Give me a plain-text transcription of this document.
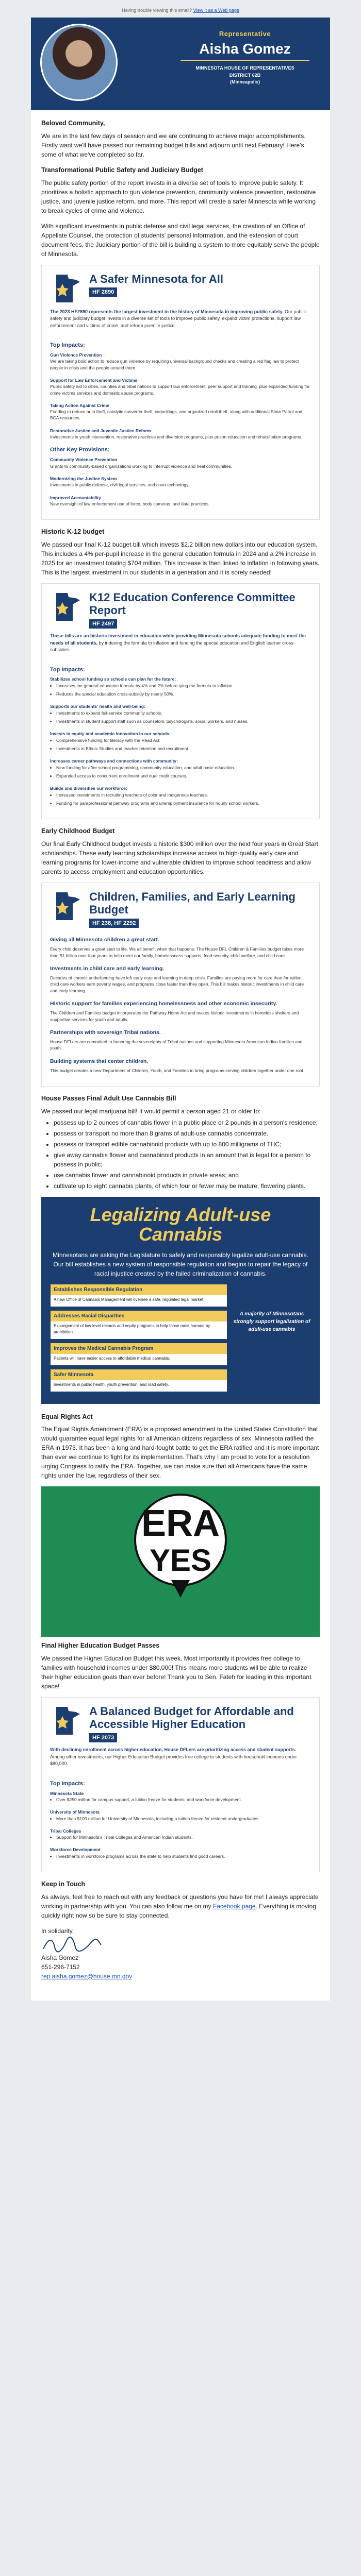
Having trouble viewing this email? View it as a Web page
Representative
Aisha Gomez
MINNESOTA HOUSE OF REPRESENTATIVES
DISTRICT 62B
(Minneapolis)
Beloved Community,

We are in the last few days of session and we are continuing to achieve major accomplishments. Firstly want we'll have passed our remaining budget bills and adjourn until next February! Here's some of what we've completed so far.

Transformational Public Safety and Judiciary Budget

The public safety portion of the report invests in a diverse set of tools to improve public safety. It prioritizes a holistic approach to gun violence prevention, community violence prevention, restorative justice, and juvenile justice reform, and more. This report will create a safer Minnesota while working to break cycles of crime and violence.

With significant investments in public defense and civil legal services, the creation of an Office of Appellate Counsel, the protection of students' personal information, and the extension of court document fees, the Judiciary portion of the bill is building a system to more equitably serve the people of Minnesota.

A Safer Minnesota for All
HF 2890
The 2023 HF2890 represents the largest investment in the history of Minnesota in improving public safety. Our public safety and judiciary budget invests in a diverse set of tools to improve public safety, expand victim protections, support law enforcement and victims of crime, and reform juvenile justice.
Top Impacts:
Gun Violence Prevention
We are taking bold action to reduce gun violence by requiring universal background checks and creating a red flag law to protect people in crisis and the people around them.
Support for Law Enforcement and Victims
Public safety aid to cities, counties and tribal nations to support law enforcement, peer support and training, plus expanded funding for crime victims services and domestic abuse programs.
Taking Action Against Crime
Funding to reduce auto theft, catalytic converter theft, carjackings, and organized retail theft, along with additional State Patrol and BCA resources.
Restorative Justice and Juvenile Justice Reform
Investments in youth intervention, restorative practices and diversion programs, plus prison education and rehabilitation programs.
Other Key Provisions:
Community Violence Prevention
Grants to community-based organizations working to interrupt violence and heal communities.
Modernizing the Justice System
Investments in public defense, civil legal services, and court technology.
Improved Accountability
New oversight of law enforcement use of force, body cameras, and data practices.
Historic K-12 budget

We passed our final K-12 budget bill which invests $2.2 billion new dollars into our education system. This includes a 4% per-pupil increase in the general education formula in 2024 and a 2% increase in 2025 for an investment totaling $704 million. This increase is then linked to inflation in following years. This is the largest investment in our students in a generation and it is sorely needed!

K12 Education Conference Committee Report
HF 2497
These bills are an historic investment in education while providing Minnesota schools adequate funding to meet the needs of all students, by indexing the formula to inflation and funding the special education and English learner cross-subsidies.
Top Impacts:
Stabilizes school funding so schools can plan for the future:
• Increases the general education formula by 4% and 2% before tying the formula to inflation.
• Reduces the special education cross-subsidy by nearly 50%.
Supports our students' health and well-being:
• Investments to expand full-service community schools.
• Investments in student support staff such as counselors, psychologists, social workers, and nurses.
Invests in equity and academic innovation in our schools:
• Comprehensive funding for literacy with the Read Act.
• Investments in Ethnic Studies and teacher retention and recruitment.
Increases career pathways and connections with community:
• New funding for after school programming, community education, and adult basic education.
• Expanded access to concurrent enrollment and dual credit courses.
Builds and diversifies our workforce:
• Increased investments in recruiting teachers of color and Indigenous teachers.
• Funding for paraprofessional pathway programs and unemployment insurance for hourly school workers.
Early Childhood Budget

Our final Early Childhood budget invests a historic $300 million over the next four years in Great Start scholarships. These early learning scholarships increase access to high-quality early care and learning programs for lower-income and vulnerable children to improve school readiness and allow parents to access employment and education opportunities.

Children, Families, and Early Learning Budget
HF 238, HF 2292
Giving all Minnesota children a great start.
Every child deserves a great start to life. We all benefit when that happens. The House DFL Children & Families budget takes more than $1 billion over four years to help meet our family, homelessness supports, food security, child welfare, and child care.
Investments in child care and early learning.
Decades of chronic underfunding have left early care and learning in deep crisis. Families are paying more for care than for tuition, child care workers earn poverty wages, and programs close faster than they open. This bill makes historic investments in child care and early learning.
Historic support for families experiencing homelessness and other economic insecurity.
The Children and Families budget incorporates the Pathway Home Act and makes historic investments in homeless shelters and supportive services for youth and adults.
Partnerships with sovereign Tribal nations.
House DFLers are committed to honoring the sovereignty of Tribal nations and supporting Minnesota American Indian families and youth.
Building systems that center children.
This budget creates a new Department of Children, Youth, and Families to bring programs serving children together under one roof.
House Passes Final Adult Use Cannabis Bill

We passed our legal marijuana bill! It would permit a person aged 21 or older to:

• possess up to 2 ounces of cannabis flower in a public place or 2 pounds in a person's residence;
• possess or transport no more than 8 grams of adult-use cannabis concentrate.
• possess or transport edible cannabinoid products with up to 800 milligrams of THC;
• give away cannabis flower and cannabinoid products in an amount that is legal for a person to possess in public;
• use cannabis flower and cannabinoid products in private areas; and
• cultivate up to eight cannabis plants, of which four or fewer may be mature, flowering plants.
Legalizing Adult-use Cannabis
Minnesotans are asking the Legislature to safely and responsibly legalize adult-use cannabis. Our bill establishes a new system of responsible regulation and begins to repair the legacy of racial injustice created by the failed criminalization of cannabis.
Establishes Responsible Regulation
A new Office of Cannabis Management will oversee a safe, regulated legal market.
Addresses Racial Disparities
Expungement of low-level records and equity programs to help those most harmed by prohibition.
Improves the Medical Cannabis Program
Patients will have easier access to affordable medical cannabis.
Safer Minnesota
Investments in public health, youth prevention, and road safety.
A majority of Minnesotans strongly support legalization of adult-use cannabis
Equal Rights Act

The Equal Rights Amendment (ERA) is a proposed amendment to the United States Constitution that would guarantee equal legal rights for all American citizens regardless of sex. Minnesota ratified the ERA in 1973. It has been a long and hard-fought battle to get the ERA ratified and it is more important than ever we continue to fight for its implementation. That's why I am proud to vote for a resolution urging Congress to ratify the ERA. Together, we can make sure that all Americans have the same rights under the law, regardless of their sex.

ERA
YES
Final Higher Education Budget Passes

We passed the Higher Education Budget this week. Most importantly it provides free college to families with household incomes under $80,000! This means more students will be able to realize their higher education goals than ever before! Thank you to Sen. Fateh for leading in this important space!

A Balanced Budget for Affordable and Accessible Higher Education
HF 2073
With declining enrollment across higher education, House DFLers are prioritizing access and student supports. Among other investments, our Higher Education Budget provides free college to students with household incomes under $80,000.
Top Impacts:
Minnesota State
• Over $250 million for campus support, a tuition freeze for students, and workforce development.
University of Minnesota
• More than $100 million for University of Minnesota, including a tuition freeze for resident undergraduates.
Tribal Colleges
• Support for Minnesota's Tribal Colleges and American Indian students.
Workforce Development
• Investments in workforce programs across the state to help students find good careers.
Keep in Touch

As always, feel free to reach out with any feedback or questions you have for me! I always appreciate working in partnership with you. You can also follow me on my Facebook page. Everything is moving quickly right now so be sure to stay connected.

In solidarity,
Aisha Gomez
651-296-7152
rep.aisha.gomez@house.mn.gov
